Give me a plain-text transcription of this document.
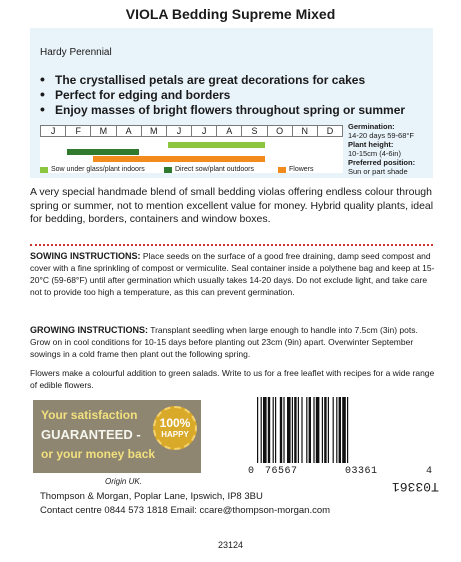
VIOLA Bedding Supreme Mixed
Hardy Perennial
• The crystallised petals are great decorations for cakes
• Perfect for edging and borders
• Enjoy masses of bright flowers throughout spring or summer
J	F	M	A	M	J	J	A	S	O	N	D
Sow under glass/plant indoors	Direct sow/plant outdoors	Flowers
Germination:
14-20 days 59-68°F
Plant height:
10-15cm (4-6in)
Preferred position:
Sun or part shade
A very special handmade blend of small bedding violas offering endless colour through spring or summer, not to mention excellent value for money. Hybrid quality plants, ideal for bedding, borders, containers and window boxes.
SOWING INSTRUCTIONS: Place seeds on the surface of a good free draining, damp seed compost and cover with a fine sprinkling of compost or vermiculite. Seal container inside a polythene bag and keep at 15-20°C (59-68°F) until after germination which usually takes 14-20 days. Do not exclude light, and take care not to provide too high a temperature, as this can prevent germination.
GROWING INSTRUCTIONS: Transplant seedling when large enough to handle into 7.5cm (3in) pots. Grow on in cool conditions for 10-15 days before planting out 23cm (9in) apart. Overwinter September sowings in a cold frame then plant out the following spring.
Flowers make a colourful addition to green salads. Write to us for a free leaflet with recipes for a wide range of edible flowers.
Your satisfaction
GUARANTEED -
or your money back
100%
HAPPY
0 76567	03361	4
Origin UK.
Thompson & Morgan, Poplar Lane, Ipswich, IP8 3BU
Contact centre 0844 573 1818 Email: ccare@thompson-morgan.com
T03361
23124
